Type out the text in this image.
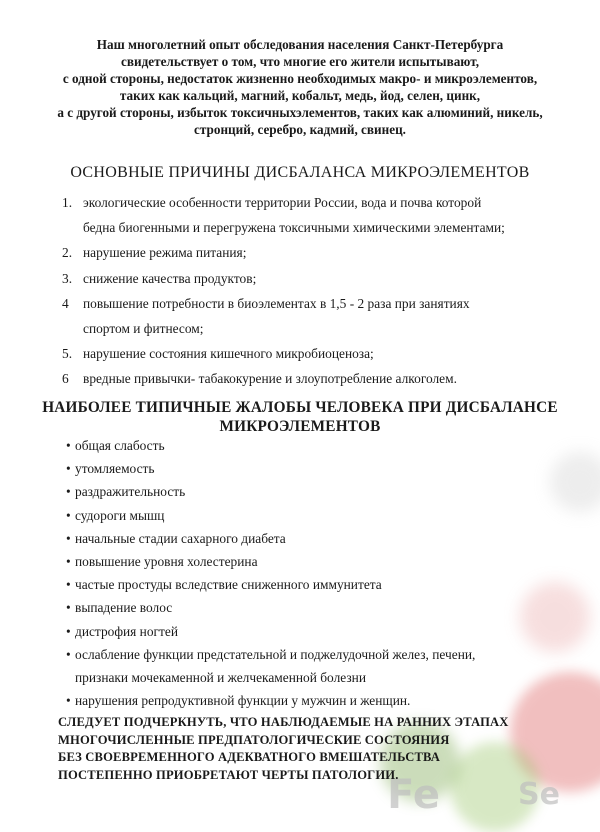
Fe	Se

Наш многолетний опыт обследования населения Санкт-Петербурга
свидетельствует о том, что многие его жители испытывают,
с одной стороны, недостаток жизненно необходимых макро- и микроэлементов,
таких как кальций, магний, кобальт, медь, йод, селен, цинк,
а с другой стороны, избыток токсичныхэлементов, таких как алюминий, никель,
стронций, серебро, кадмий, свинец.

ОСНОВНЫЕ ПРИЧИНЫ ДИСБАЛАНСА МИКРОЭЛЕМЕНТОВ
1. экологические особенности территории России, вода и почва которой
бедна биогенными и перегружена токсичными химическими элементами;
2. нарушение режима питания;
3. снижение качества продуктов;
4 повышение потребности в биоэлементах в 1,5 - 2 раза при занятиях
спортом и фитнесом;
5. нарушение состояния кишечного микробиоценоза;
6 вредные привычки- табакокурение и злоупотребление алкоголем.
НАИБОЛЕЕ ТИПИЧНЫЕ ЖАЛОБЫ ЧЕЛОВЕКА ПРИ ДИСБАЛАНСЕ
МИКРОЭЛЕМЕНТОВ
• общая слабость
• утомляемость
• раздражительность
• судороги мышц
• начальные стадии сахарного диабета
• повышение уровня холестерина
• частые простуды вследствие сниженного иммунитета
• выпадение волос
• дистрофия ногтей
• ослабление функции предстательной и поджелудочной желез, печени,
признаки мочекаменной и желчекаменной болезни
• нарушения репродуктивной функции у мужчин и женщин.

СЛЕДУЕТ ПОДЧЕРКНУТЬ, ЧТО НАБЛЮДАЕМЫЕ НА РАННИХ ЭТАПАХ
МНОГОЧИСЛЕННЫЕ ПРЕДПАТОЛОГИЧЕСКИЕ СОСТОЯНИЯ
БЕЗ СВОЕВРЕМЕННОГО АДЕКВАТНОГО ВМЕШАТЕЛЬСТВА
ПОСТЕПЕННО ПРИОБРЕТАЮТ ЧЕРТЫ ПАТОЛОГИИ.
